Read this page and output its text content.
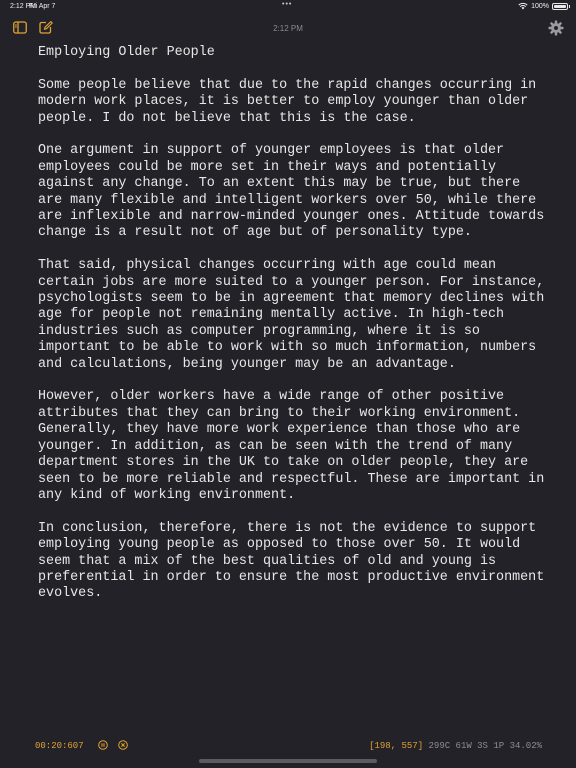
2:12 PM
Fri Apr 7	•••	100%
2:12 PM

Employing Older People

Some people believe that due to the rapid changes occurring in modern work places, it is better to employ younger than older people. I do not believe that this is the case.

One argument in support of younger employees is that older employees could be more set in their ways and potentially against any change. To an extent this may be true, but there are many flexible and intelligent workers over 50, while there are inflexible and narrow-minded younger ones. Attitude towards change is a result not of age but of personality type.

That said, physical changes occurring with age could mean certain jobs are more suited to a younger person. For instance, psychologists seem to be in agreement that memory declines with age for people not remaining mentally active. In high-tech industries such as computer programming, where it is so important to be able to work with so much information, numbers and calculations, being younger may be an advantage.

However, older workers have a wide range of other positive attributes that they can bring to their working environment. Generally, they have more work experience than those who are younger. In addition, as can be seen with the trend of many department stores in the UK to take on older people, they are seen to be more reliable and respectful. These are important in any kind of working environment.

In conclusion, therefore, there is not the evidence to support employing young people as opposed to those over 50. It would seem that a mix of the best qualities of old and young is preferential in order to ensure the most productive environment evolves.

00:20:607	[198, 557] 299C 61W 3S 1P 34.02%
